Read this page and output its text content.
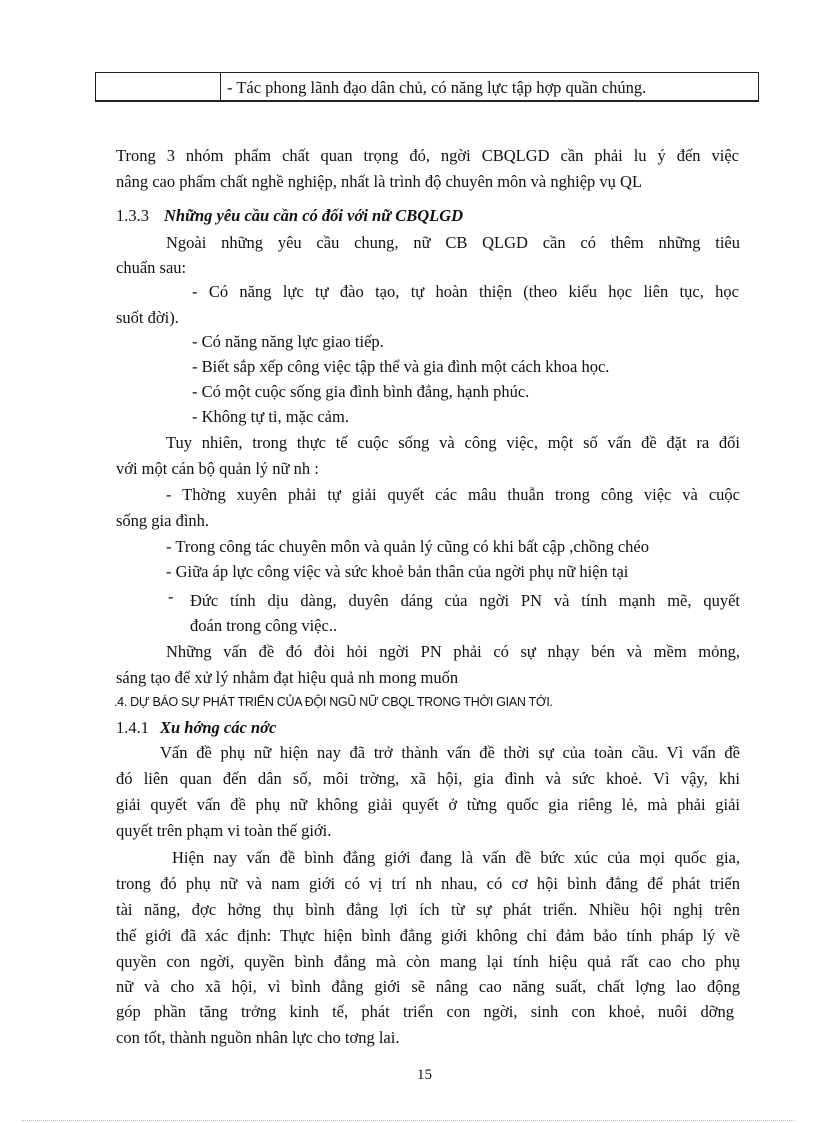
- Tác phong lãnh đạo dân chủ, có năng lực tập hợp quần chúng.
Trong 3 nhóm phẩm chất quan trọng đó, ngời CBQLGD cần phải lu ý đến việc
nâng cao phẩm chất nghề nghiệp, nhất là trình độ chuyên môn và nghiệp vụ QL
1.3.3 Những yêu cầu cần có đối với nữ CBQLGD
Ngoài những yêu cầu chung, nữ CB QLGD cần có thêm những tiêu
chuẩn sau:
- Có năng lực tự đào tạo, tự hoàn thiện (theo kiểu học liên tục, học
suốt đời).
- Có năng năng lực giao tiếp.
- Biết sắp xếp công việc tập thể và gia đình một cách khoa học.
- Có một cuộc sống gia đình bình đẳng, hạnh phúc.
- Không tự ti, mặc cảm.
Tuy nhiên, trong thực tế cuộc sống và công việc, một số vấn đề đặt ra đối
với một cán bộ quản lý nữ nh :
- Thờng xuyên phải tự giải quyết các mâu thuẫn trong công việc và cuộc
sống gia đình.
- Trong công tác chuyên môn và quản lý cũng có khi bất cập ,chồng chéo
- Giữa áp lực công việc và sức khoẻ bản thân của ngời phụ nữ hiện tại
- Đức tính dịu dàng, duyên dáng của ngời PN và tính mạnh mẽ, quyết
đoán trong công việc..
Những vấn đề đó đòi hỏi ngời PN phải có sự nhạy bén và mềm mỏng,
sáng tạo để xử lý nhằm đạt hiệu quả nh mong muốn
.4. DỰ BÁO SỰ PHÁT TRIỂN CỦA ĐỘI NGŨ NỮ CBQL TRONG THỜI GIAN TỚI.
1.4.1 Xu hớng các nớc
Vấn đề phụ nữ hiện nay đã trở thành vấn đề thời sự của toàn cầu. Vì vấn đề
đó liên quan đến dân số, môi trờng, xã hội, gia đình và sức khoẻ. Vì vậy, khi
giải quyết vấn đề phụ nữ không giải quyết ở từng quốc gia riêng lẻ, mà phải giải
quyết trên phạm vi toàn thế giới.
Hiện nay vấn đề bình đẳng giới đang là vấn đề bức xúc của mọi quốc gia,
trong đó phụ nữ và nam giới có vị trí nh nhau, có cơ hội bình đẳng để phát triển
tài năng, đợc hởng thụ bình đẳng lợi ích từ sự phát triển. Nhiều hội nghị trên
thế giới đã xác định: Thực hiện bình đẳng giới không chỉ đảm bảo tính pháp lý về
quyền con ngời, quyền bình đẳng mà còn mang lại tính hiệu quả rất cao cho phụ
nữ và cho xã hội, vì bình đẳng giới sẽ nâng cao năng suất, chất lợng lao động
góp phần tăng trởng kinh tế, phát triển con ngời, sinh con khoẻ, nuôi dỡng
con tốt, thành nguồn nhân lực cho tơng lai.
15
